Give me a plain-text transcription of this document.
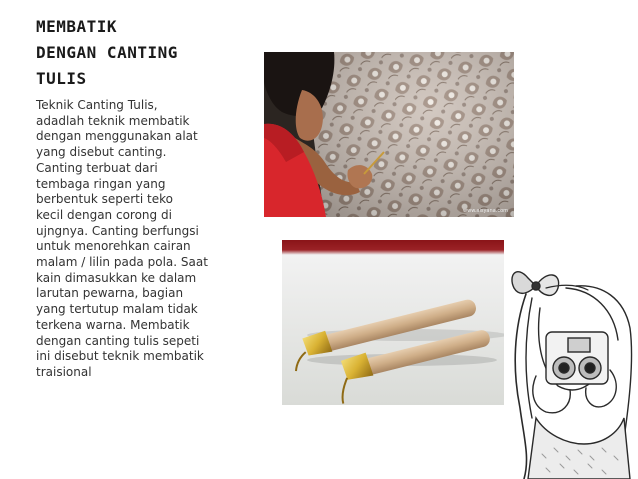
MEMBATIK
DENGAN CANTING
TULIS
Teknik Canting Tulis,
adadlah teknik membatik
dengan menggunakan alat
yang disebut canting.
Canting terbuat dari
tembaga ringan yang
berbentuk seperti teko
kecil dengan corong di
ujngnya. Canting berfungsi
untuk menorehkan cairan
malam / lilin pada pola. Saat
kain dimasukkan ke dalam
larutan pewarna, bagian
yang tertutup malam tidak
terkena warna. Membatik
dengan canting tulis sepeti
ini disebut teknik membatik
traisional
www.aisyana.com
